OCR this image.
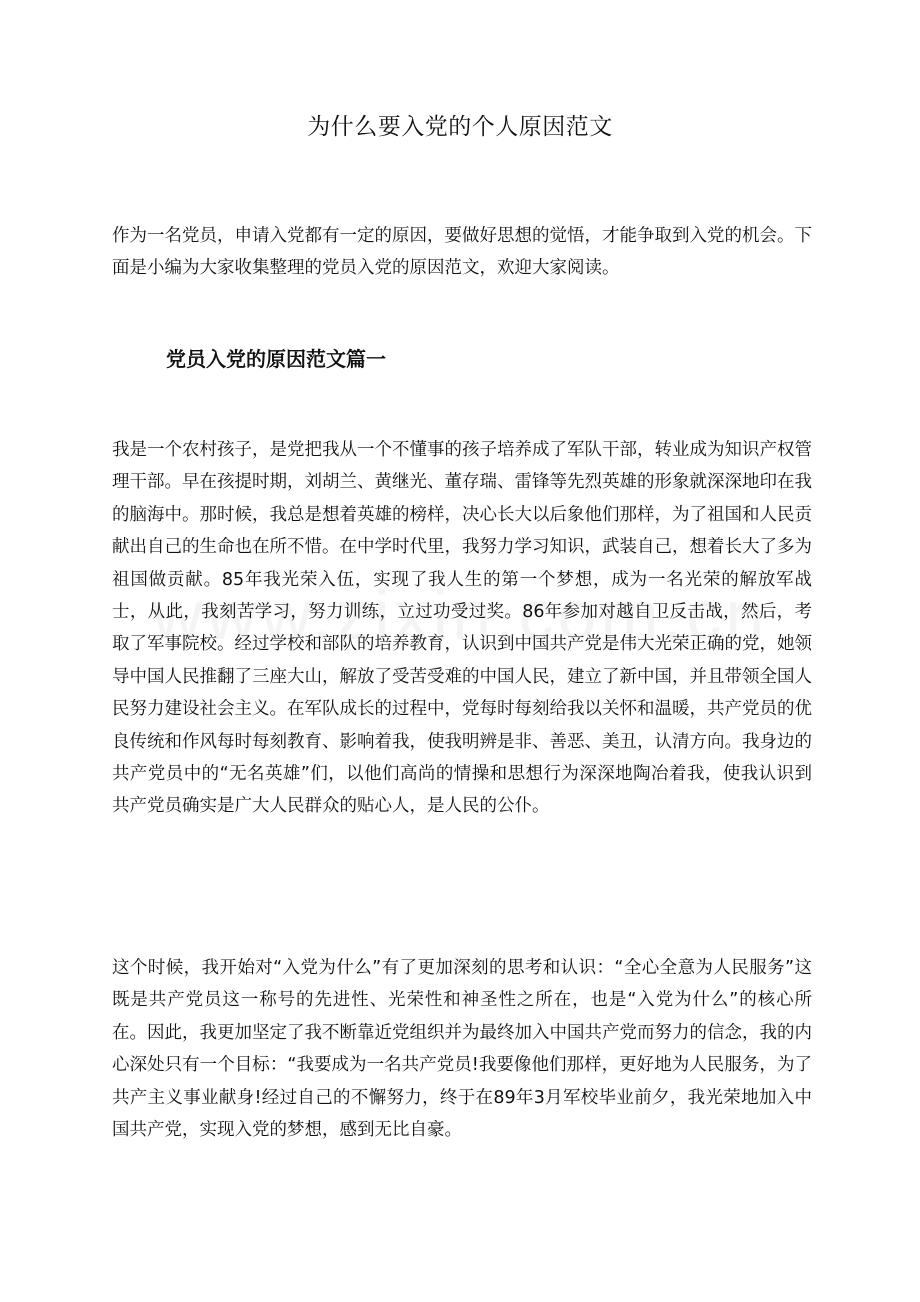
为什么要入党的个人原因范文

作为一名党员，申请入党都有一定的原因，要做好思想的觉悟，才能争取到入党的机会。下面是小编为大家收集整理的党员入党的原因范文，欢迎大家阅读。

党员入党的原因范文篇一

我是一个农村孩子，是党把我从一个不懂事的孩子培养成了军队干部，转业成为知识产权管理干部。早在孩提时期，刘胡兰、黄继光、董存瑞、雷锋等先烈英雄的形象就深深地印在我的脑海中。那时候，我总是想着英雄的榜样，决心长大以后象他们那样，为了祖国和人民贡献出自己的生命也在所不惜。在中学时代里，我努力学习知识，武装自己，想着长大了多为祖国做贡献。85年我光荣入伍，实现了我人生的第一个梦想，成为一名光荣的解放军战士，从此，我刻苦学习，努力训练，立过功受过奖。86年参加对越自卫反击战，然后，考取了军事院校。经过学校和部队的培养教育，认识到中国共产党是伟大光荣正确的党，她领导中国人民推翻了三座大山，解放了受苦受难的中国人民，建立了新中国，并且带领全国人民努力建设社会主义。在军队成长的过程中，党每时每刻给我以关怀和温暖，共产党员的优良传统和作风每时每刻教育、影响着我，使我明辨是非、善恶、美丑，认清方向。我身边的共产党员中的“无名英雄”们，以他们高尚的情操和思想行为深深地陶冶着我，使我认识到共产党员确实是广大人民群众的贴心人，是人民的公仆。

这个时候，我开始对“入党为什么”有了更加深刻的思考和认识：“全心全意为人民服务”这既是共产党员这一称号的先进性、光荣性和神圣性之所在，也是“入党为什么”的核心所在。因此，我更加坚定了我不断靠近党组织并为最终加入中国共产党而努力的信念，我的内心深处只有一个目标：“我要成为一名共产党员!我要像他们那样，更好地为人民服务，为了共产主义事业献身!经过自己的不懈努力，终于在89年3月军校毕业前夕，我光荣地加入中国共产党，实现入党的梦想，感到无比自豪。
